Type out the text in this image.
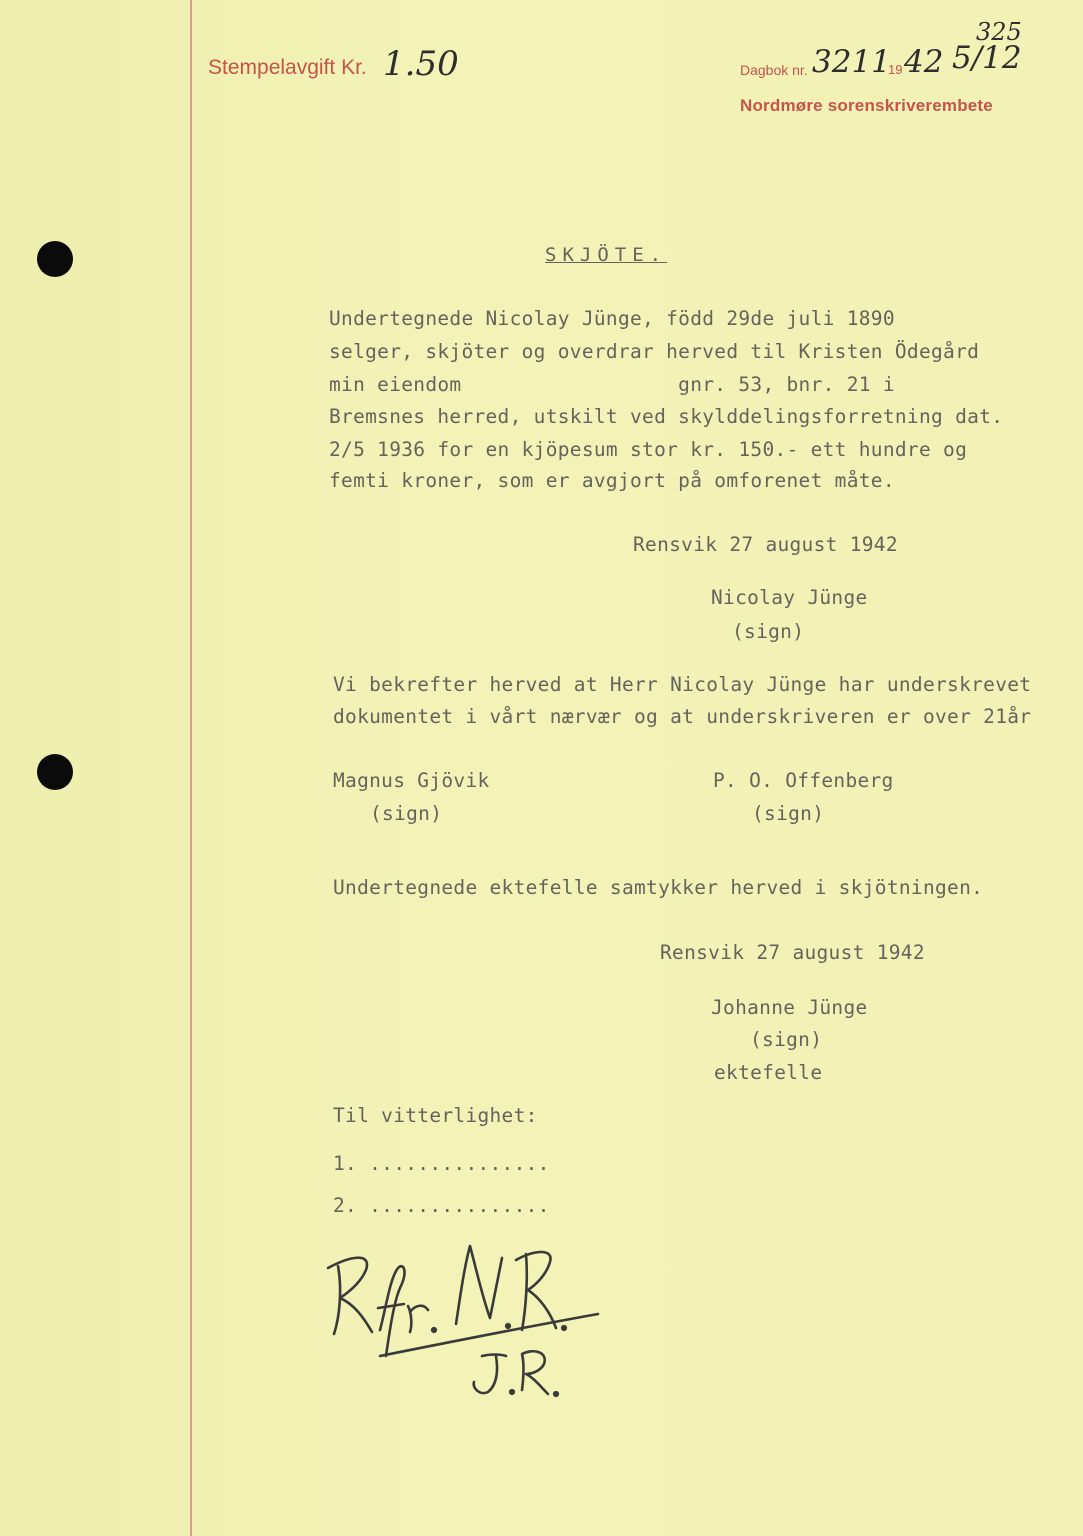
325
Stempelavgift Kr. 1.50	Dagbok nr. 3211
19 42 5/12
Nordmøre sorenskriverembete
SKJÖTE.
Undertegnede Nicolay Jünge, född 29de juli 1890
selger, skjöter og overdrar herved til Kristen Ödegård
min eiendom                  gnr. 53, bnr. 21 i
Bremsnes herred, utskilt ved skylddelingsforretning dat.
2/5 1936 for en kjöpesum stor kr. 150.- ett hundre og
femti kroner, som er avgjort på omforenet måte.
Rensvik 27 august 1942
Nicolay Jünge
(sign)
Vi bekrefter herved at Herr Nicolay Jünge har underskrevet
dokumentet i vårt nærvær og at underskriveren er over 21år
Magnus Gjövik
(sign)
P. O. Offenberg
(sign)
Undertegnede ektefelle samtykker herved i skjötningen.
Rensvik 27 august 1942
Johanne Jünge
(sign)
ektefelle
Til vitterlighet:
1. ...............
2. ...............
